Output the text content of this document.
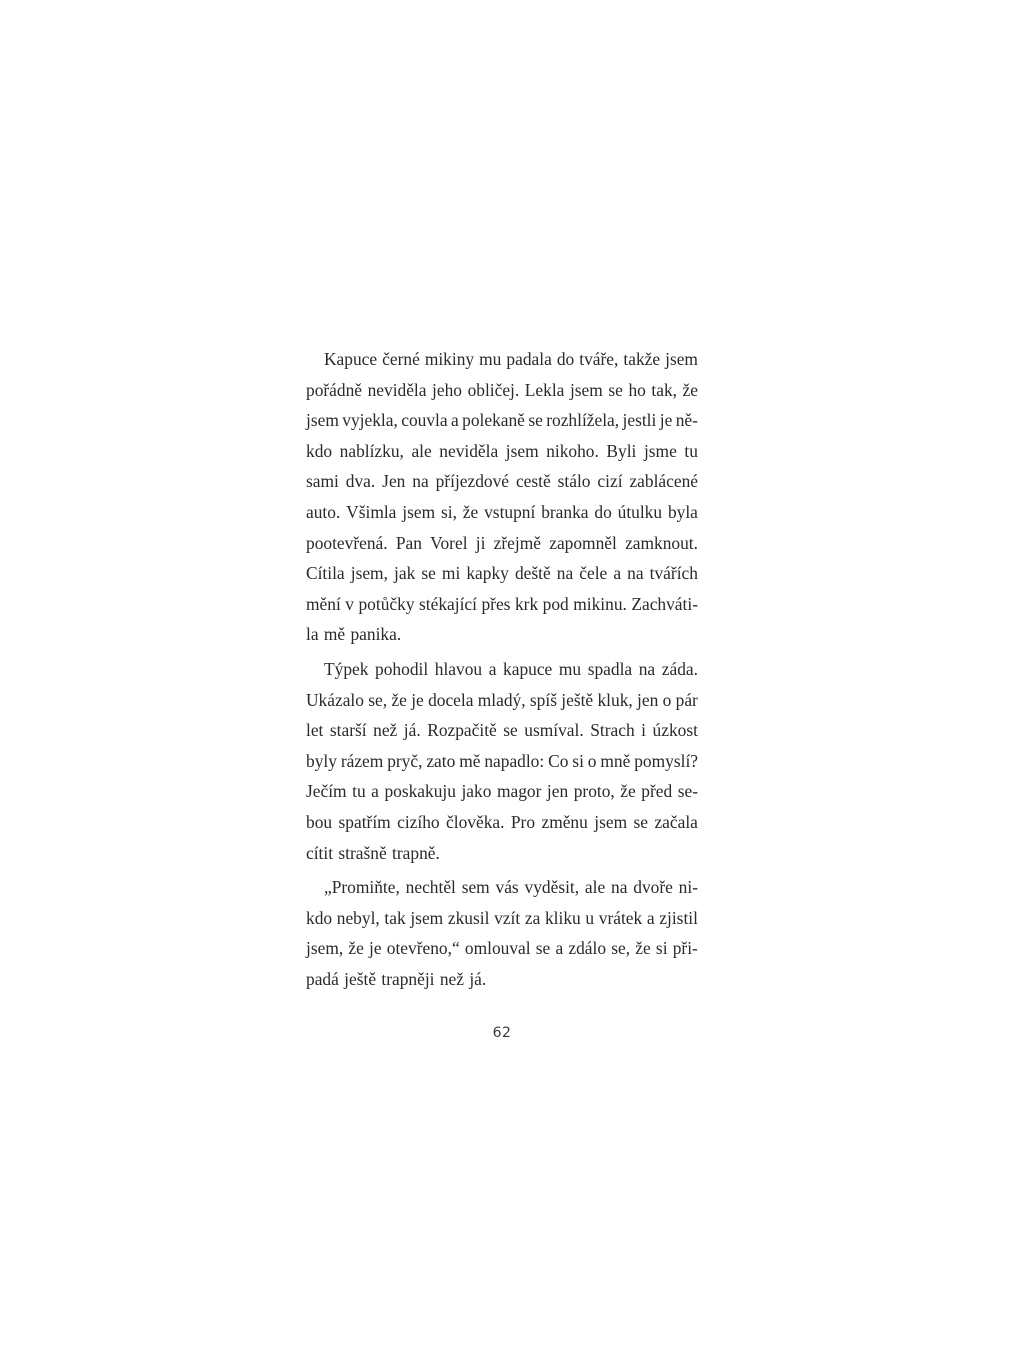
Kapuce černé mikiny mu padala do tváře, takže jsem
pořádně neviděla jeho obličej. Lekla jsem se ho tak, že
jsem vyjekla, couvla a polekaně se rozhlížela, jestli je ně-
kdo nablízku, ale neviděla jsem nikoho. Byli jsme tu
sami dva. Jen na příjezdové cestě stálo cizí zablácené
auto. Všimla jsem si, že vstupní branka do útulku byla
pootevřená. Pan Vorel ji zřejmě zapomněl zamknout.
Cítila jsem, jak se mi kapky deště na čele a na tvářích
mění v potůčky stékající přes krk pod mikinu. Zachváti-
la mě panika.
Týpek pohodil hlavou a kapuce mu spadla na záda.
Ukázalo se, že je docela mladý, spíš ještě kluk, jen o pár
let starší než já. Rozpačitě se usmíval. Strach i úzkost
byly rázem pryč, zato mě napadlo: Co si o mně pomyslí?
Ječím tu a poskakuju jako magor jen proto, že před se-
bou spatřím cizího člověka. Pro změnu jsem se začala
cítit strašně trapně.
„Promiňte, nechtěl sem vás vyděsit, ale na dvoře ni-
kdo nebyl, tak jsem zkusil vzít za kliku u vrátek a zjistil
jsem, že je otevřeno,“ omlouval se a zdálo se, že si při-
padá ještě trapněji než já.
62
